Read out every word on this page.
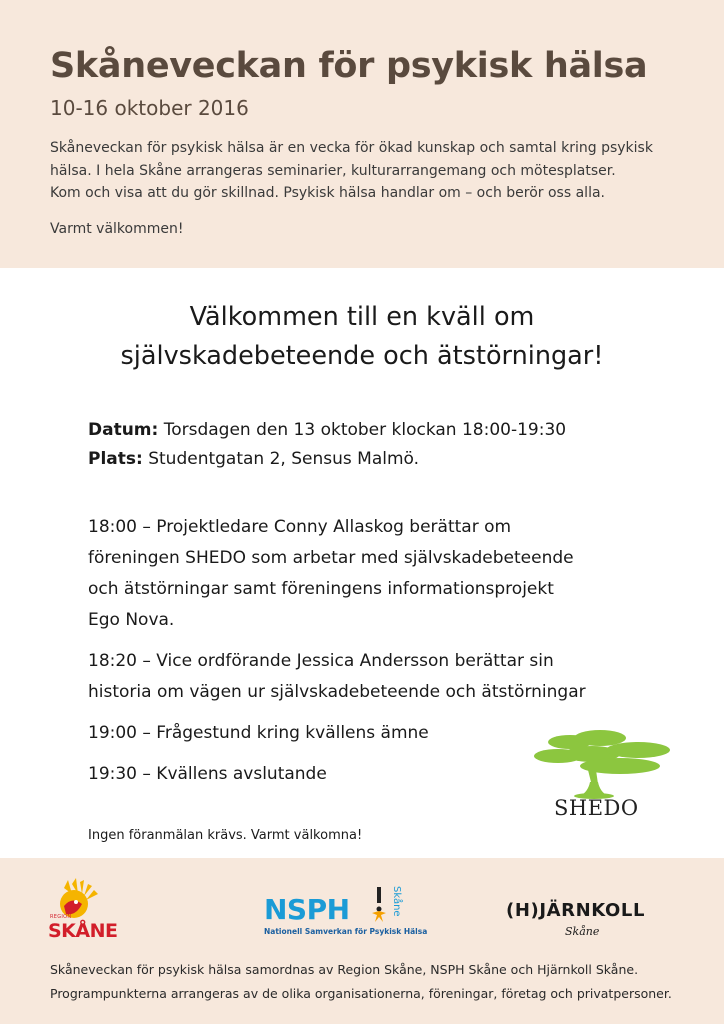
Skåneveckan för psykisk hälsa
10-16 oktober 2016

Skåneveckan för psykisk hälsa är en vecka för ökad kunskap och samtal kring psykisk

hälsa. I hela Skåne arrangeras seminarier, kulturarrangemang och mötesplatser.

Kom och visa att du gör skillnad. Psykisk hälsa handlar om – och berör oss alla.

Varmt välkommen!
Välkommen till en kväll om
självskadebeteende och ätstörningar!
Datum: Torsdagen den 13 oktober klockan 18:00-19:30
Plats: Studentgatan 2, Sensus Malmö.
18:00 – Projektledare Conny Allaskog berättar om
föreningen SHEDO som arbetar med självskadebeteende
och ätstörningar samt föreningens informationsprojekt
Ego Nova.
18:20 – Vice ordförande Jessica Andersson berättar sin
historia om vägen ur självskadebeteende och ätstörningar
19:00 – Frågestund kring kvällens ämne
19:30 – Kvällens avslutande
Ingen föranmälan krävs. Varmt välkomna!
SHEDO
REGION
SKÅNE
NSPH	Skåne
Nationell Samverkan för Psykisk Hälsa
(H)JÄRNKOLL
Skåne

Skåneveckan för psykisk hälsa samordnas av Region Skåne, NSPH Skåne och Hjärnkoll Skåne.

Programpunkterna arrangeras av de olika organisationerna, föreningar, företag och privatpersoner.
